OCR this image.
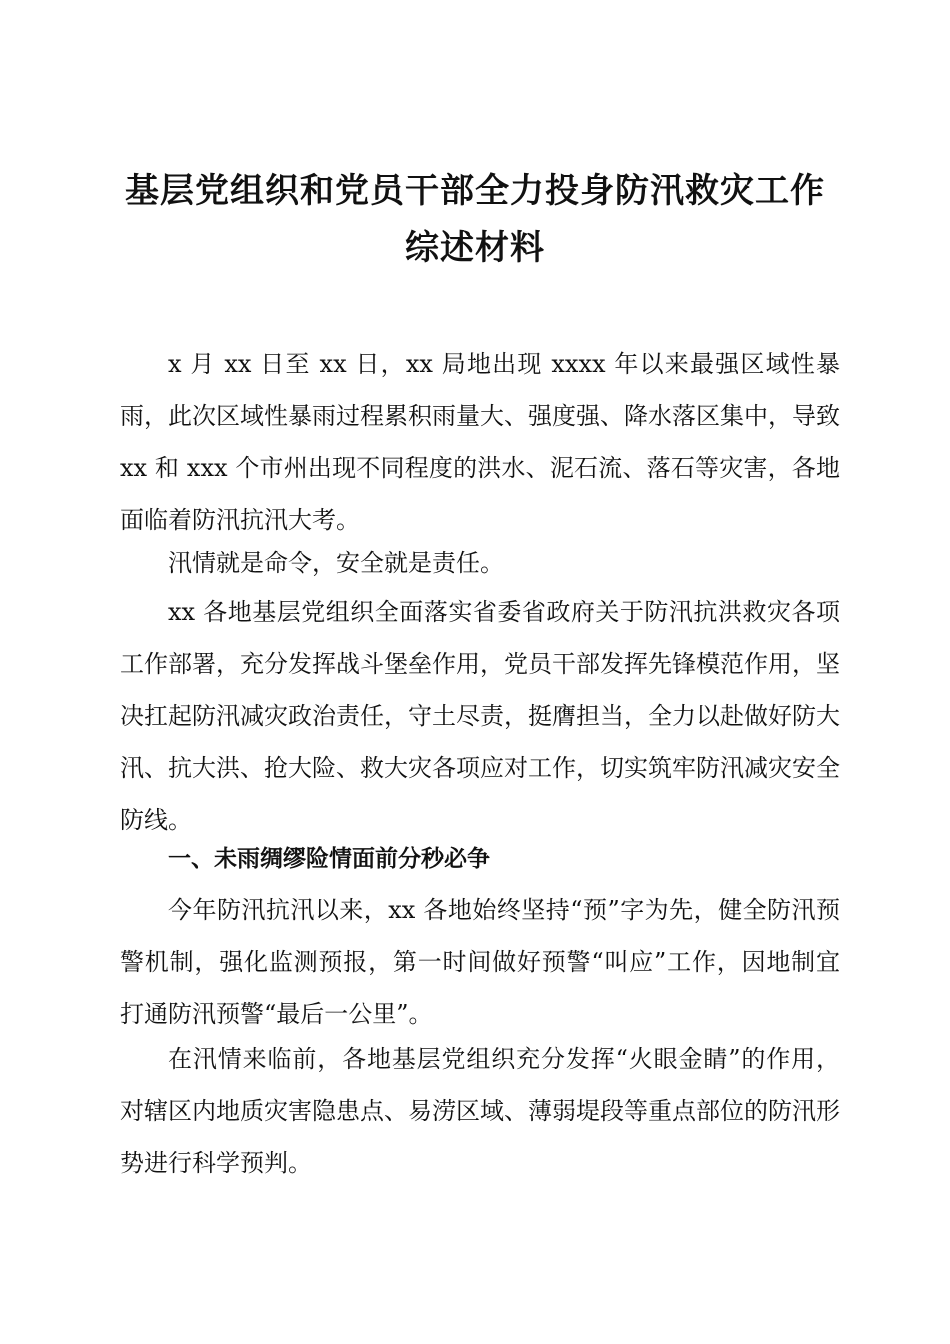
基层党组织和党员干部全力投身防汛救灾工作
综述材料

x 月 xx 日至 xx 日，xx 局地出现 xxxx 年以来最强区域性暴雨，此次区域性暴雨过程累积雨量大、强度强、降水落区集中，导致 xx 和 xxx 个市州出现不同程度的洪水、泥石流、落石等灾害，各地面临着防汛抗汛大考。

汛情就是命令，安全就是责任。

xx 各地基层党组织全面落实省委省政府关于防汛抗洪救灾各项工作部署，充分发挥战斗堡垒作用，党员干部发挥先锋模范作用，坚决扛起防汛减灾政治责任，守土尽责，挺膺担当，全力以赴做好防大汛、抗大洪、抢大险、救大灾各项应对工作，切实筑牢防汛减灾安全防线。

一、未雨绸缪险情面前分秒必争

今年防汛抗汛以来，xx 各地始终坚持“预”字为先，健全防汛预警机制，强化监测预报，第一时间做好预警“叫应”工作，因地制宜打通防汛预警“最后一公里”。

在汛情来临前，各地基层党组织充分发挥“火眼金睛”的作用，对辖区内地质灾害隐患点、易涝区域、薄弱堤段等重点部位的防汛形势进行科学预判。
